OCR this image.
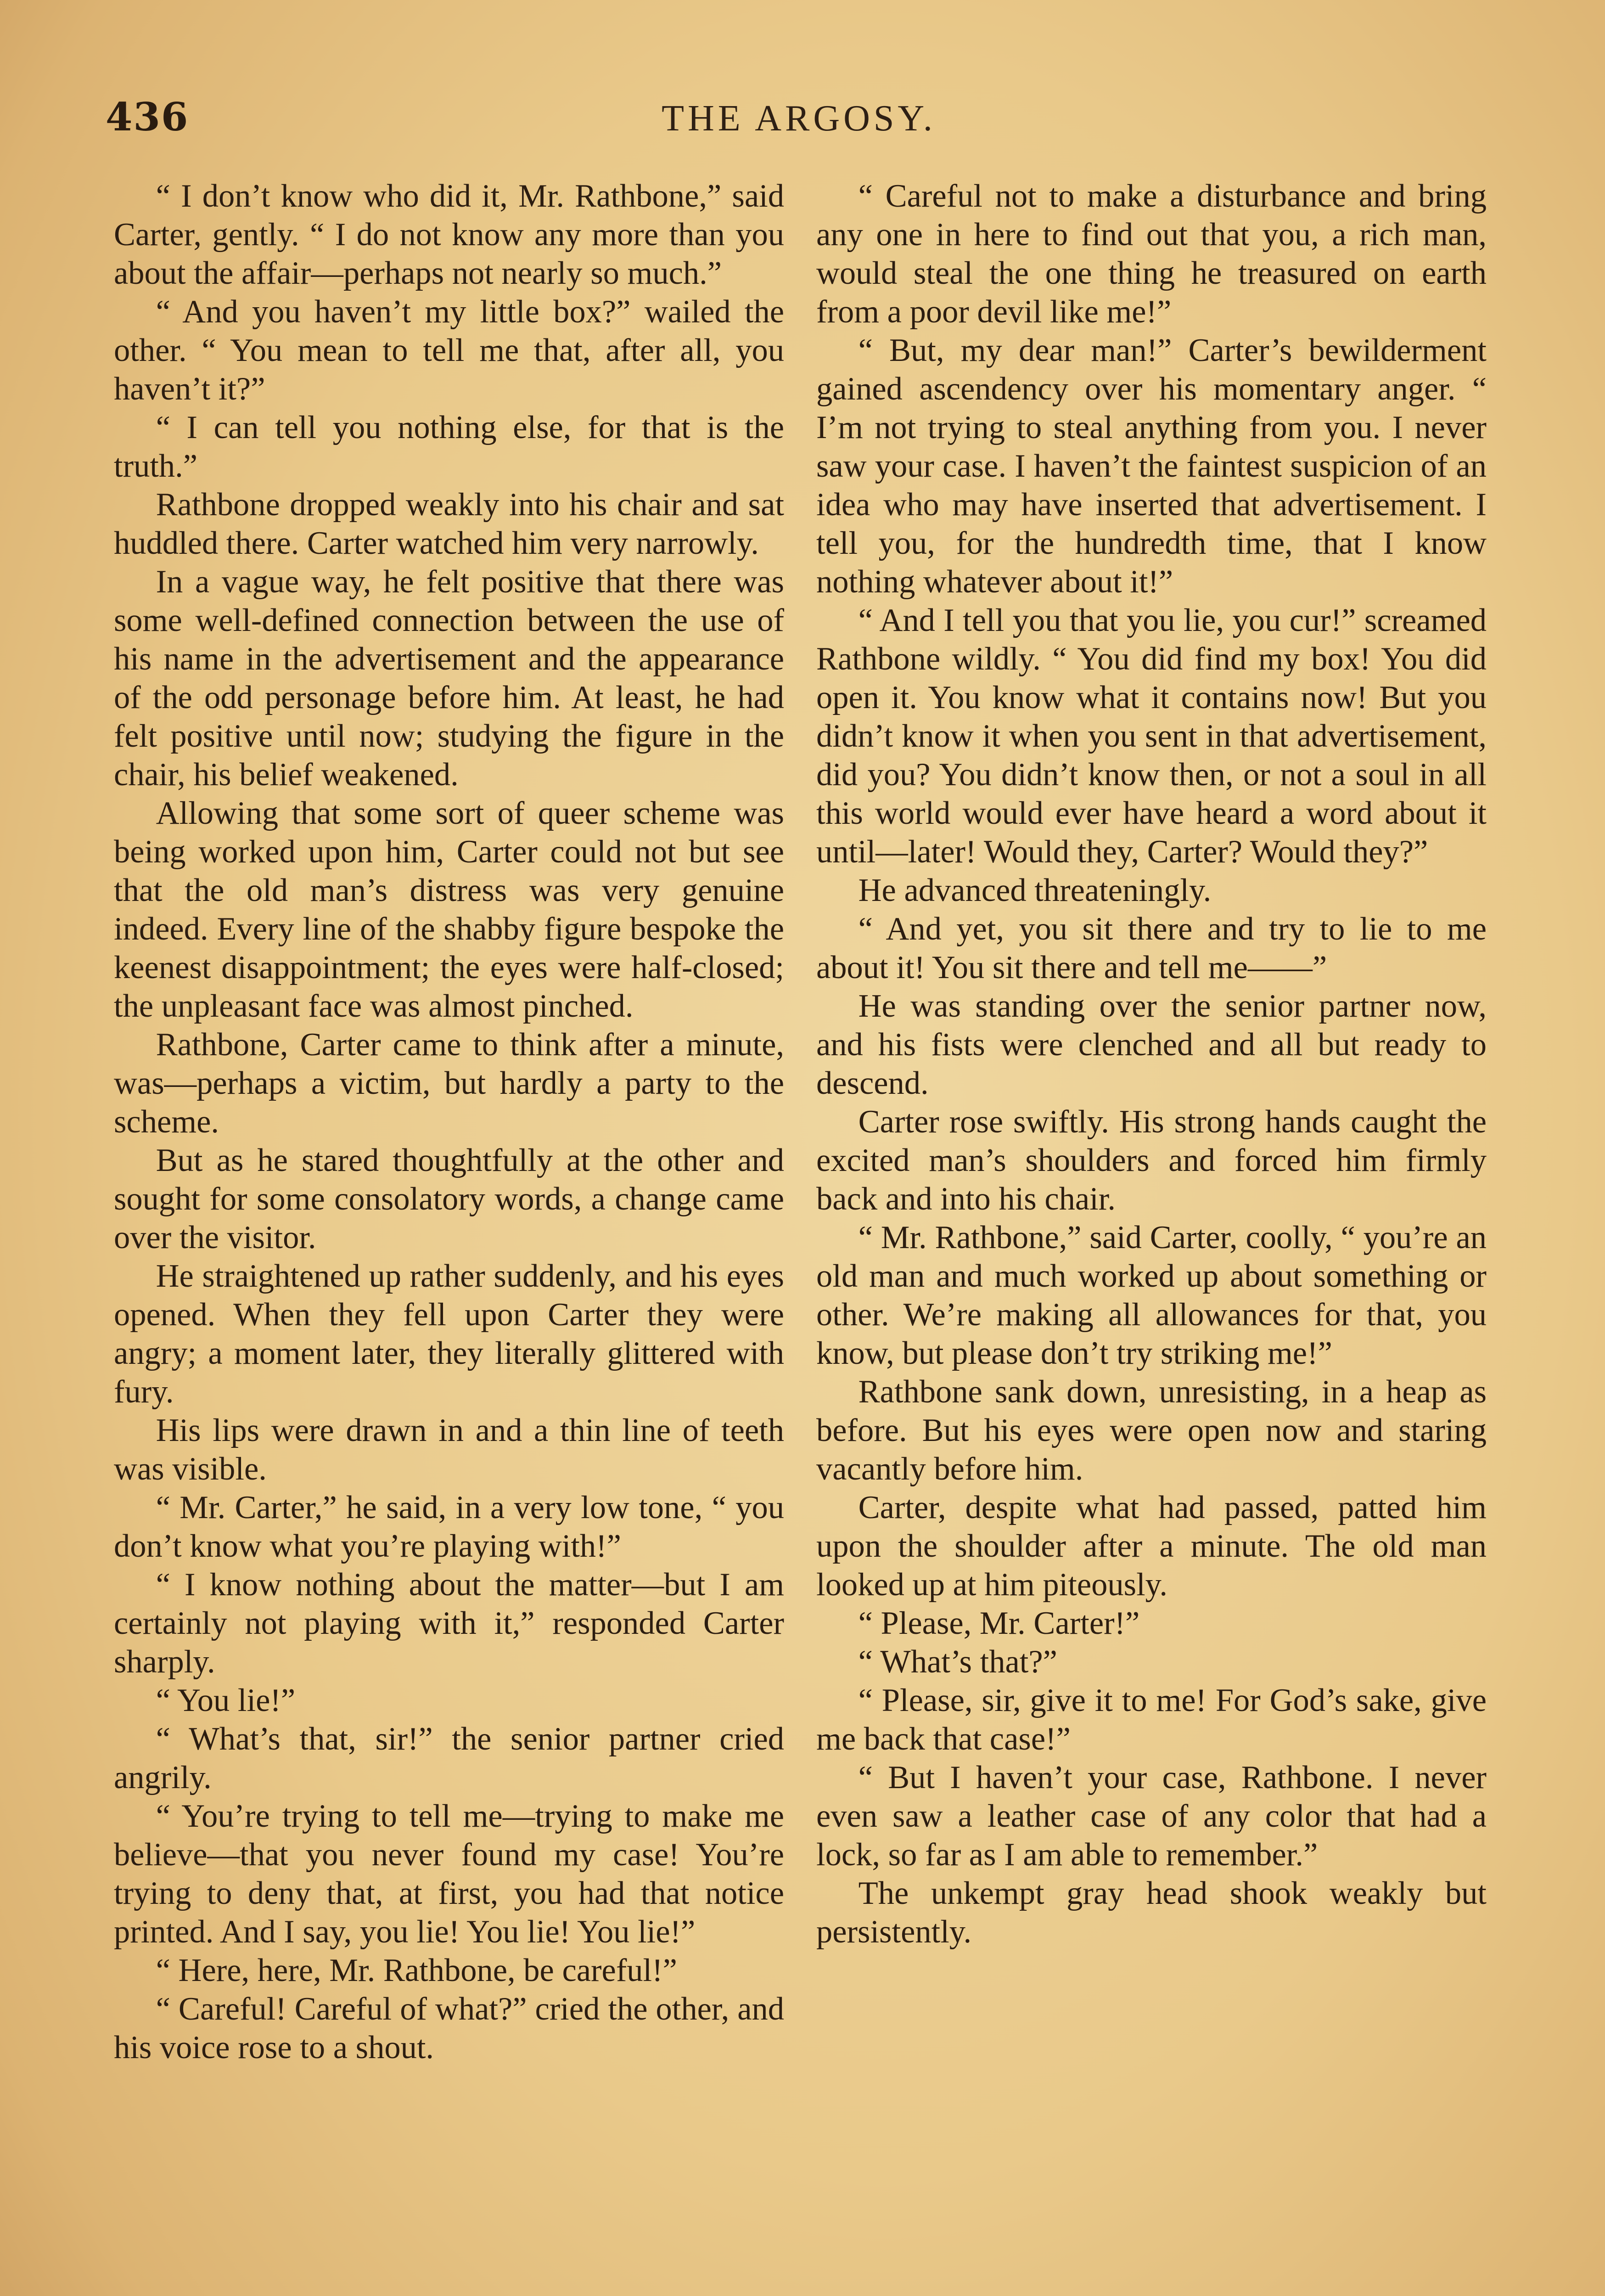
436	THE ARGOSY.

“ I don’t know who did it, Mr. Rathbone,” said Carter, gently. “ I do not know any more than you about the affair—perhaps not nearly so much.”

“ And you haven’t my little box?” wailed the other. “ You mean to tell me that, after all, you haven’t it?”

“ I can tell you nothing else, for that is the truth.”

Rathbone dropped weakly into his chair and sat huddled there. Carter watched him very narrowly.

In a vague way, he felt positive that there was some well-defined connection between the use of his name in the advertisement and the appearance of the odd personage before him. At least, he had felt positive until now; studying the figure in the chair, his belief weakened.

Allowing that some sort of queer scheme was being worked upon him, Carter could not but see that the old man’s distress was very genuine indeed. Every line of the shabby figure bespoke the keenest disappointment; the eyes were half-closed; the unpleasant face was almost pinched.

Rathbone, Carter came to think after a minute, was—perhaps a victim, but hardly a party to the scheme.

But as he stared thoughtfully at the other and sought for some consolatory words, a change came over the visitor.

He straightened up rather suddenly, and his eyes opened. When they fell upon Carter they were angry; a moment later, they literally glittered with fury.

His lips were drawn in and a thin line of teeth was visible.

“ Mr. Carter,” he said, in a very low tone, “ you don’t know what you’re playing with!”

“ I know nothing about the matter—but I am certainly not playing with it,” responded Carter sharply.

“ You lie!”

“ What’s that, sir!” the senior partner cried angrily.

“ You’re trying to tell me—trying to make me believe—that you never found my case! You’re trying to deny that, at first, you had that notice printed. And I say, you lie! You lie! You lie!”

“ Here, here, Mr. Rathbone, be careful!”

“ Careful! Careful of what?” cried the other, and his voice rose to a shout.

“ Careful not to make a disturbance and bring any one in here to find out that you, a rich man, would steal the one thing he treasured on earth from a poor devil like me!”

“ But, my dear man!” Carter’s bewilderment gained ascendency over his momentary anger. “ I’m not trying to steal anything from you. I never saw your case. I haven’t the faintest suspicion of an idea who may have inserted that advertisement. I tell you, for the hundredth time, that I know nothing whatever about it!”

“ And I tell you that you lie, you cur!” screamed Rathbone wildly. “ You did find my box! You did open it. You know what it contains now! But you didn’t know it when you sent in that advertisement, did you? You didn’t know then, or not a soul in all this world would ever have heard a word about it until—later! Would they, Carter? Would they?”

He advanced threateningly.

“ And yet, you sit there and try to lie to me about it! You sit there and tell me——”

He was standing over the senior partner now, and his fists were clenched and all but ready to descend.

Carter rose swiftly. His strong hands caught the excited man’s shoulders and forced him firmly back and into his chair.

“ Mr. Rathbone,” said Carter, coolly, “ you’re an old man and much worked up about something or other. We’re making all allowances for that, you know, but please don’t try striking me!”

Rathbone sank down, unresisting, in a heap as before. But his eyes were open now and staring vacantly before him.

Carter, despite what had passed, patted him upon the shoulder after a minute. The old man looked up at him piteously.

“ Please, Mr. Carter!”

“ What’s that?”

“ Please, sir, give it to me! For God’s sake, give me back that case!”

“ But I haven’t your case, Rathbone. I never even saw a leather case of any color that had a lock, so far as I am able to remember.”

The unkempt gray head shook weakly but persistently.
